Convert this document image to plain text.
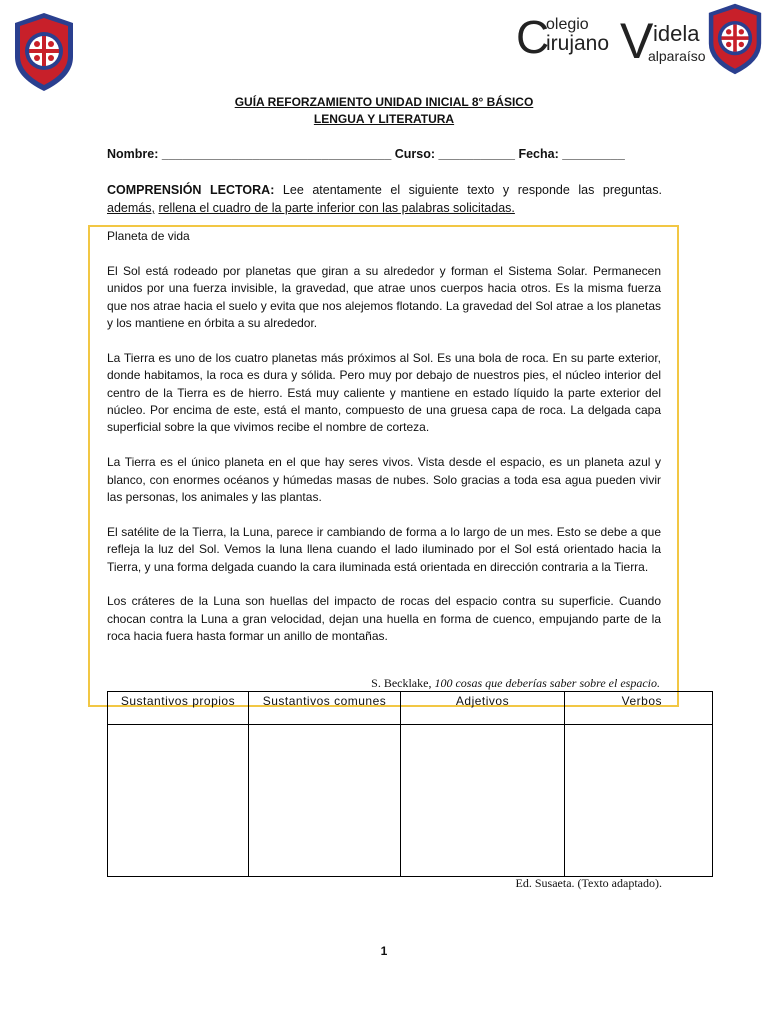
C
olegio
irujano V idela
alparaíso
GUÍA REFORZAMIENTO UNIDAD INICIAL 8° BÁSICO
LENGUA Y LITERATURA
Nombre: _________________________________ Curso: ___________ Fecha: _________
COMPRENSIÓN LECTORA: Lee atentamente el siguiente texto y responde las preguntas. además, rellena el cuadro de la parte inferior con las palabras solicitadas.

Planeta de vida

El Sol está rodeado por planetas que giran a su alrededor y forman el Sistema Solar. Permanecen unidos por una fuerza invisible, la gravedad, que atrae unos cuerpos hacia otros. Es la misma fuerza que nos atrae hacia el suelo y evita que nos alejemos flotando. La gravedad del Sol atrae a los planetas y los mantiene en órbita a su alrededor.

La Tierra es uno de los cuatro planetas más próximos al Sol. Es una bola de roca. En su parte exterior, donde habitamos, la roca es dura y sólida. Pero muy por debajo de nuestros pies, el núcleo interior del centro de la Tierra es de hierro. Está muy caliente y mantiene en estado líquido la parte exterior del núcleo. Por encima de este, está el manto, compuesto de una gruesa capa de roca. La delgada capa superficial sobre la que vivimos recibe el nombre de corteza.

La Tierra es el único planeta en el que hay seres vivos. Vista desde el espacio, es un planeta azul y blanco, con enormes océanos y húmedas masas de nubes. Solo gracias a toda esa agua pueden vivir las personas, los animales y las plantas.

El satélite de la Tierra, la Luna, parece ir cambiando de forma a lo largo de un mes. Esto se debe a que refleja la luz del Sol. Vemos la luna llena cuando el lado iluminado por el Sol está orientado hacia la Tierra, y una forma delgada cuando la cara iluminada está orientada en dirección contraria a la Tierra.

Los cráteres de la Luna son huellas del impacto de rocas del espacio contra su superficie. Cuando chocan contra la Luna a gran velocidad, dejan una huella en forma de cuenco, empujando parte de la roca hacia fuera hasta formar un anillo de montañas.

S. Becklake, 100 cosas que deberías saber sobre el espacio.
Sustantivos propios	Sustantivos comunes	Adjetivos	Verbos

Ed. Susaeta. (Texto adaptado).
1
